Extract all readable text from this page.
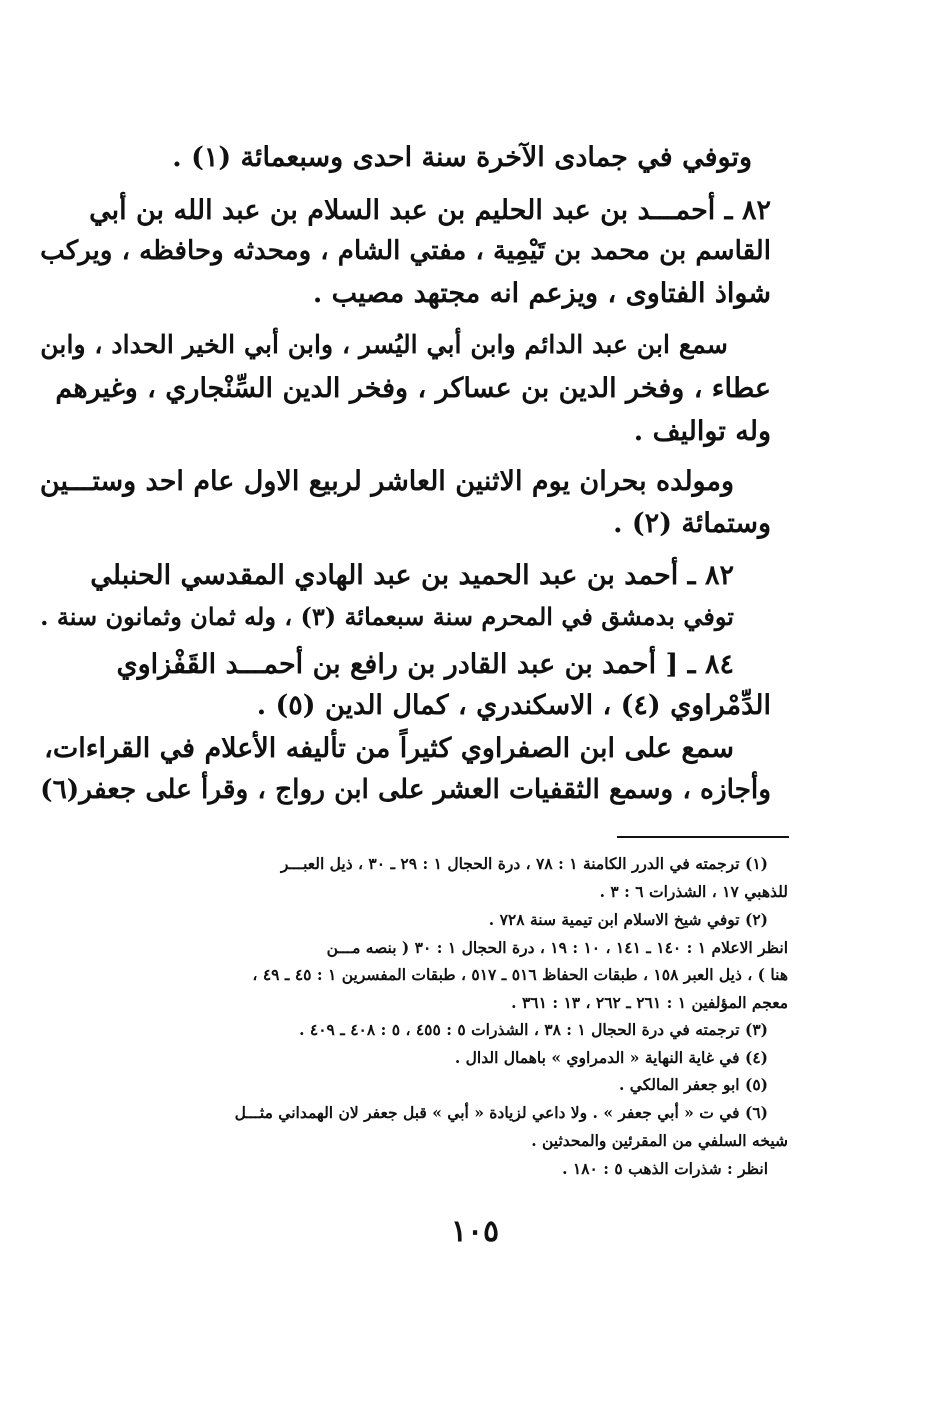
وتوفي في جمادى الآخرة سنة احدى وسبعمائة (١) .
٨٢ ـ أحمـــد بن عبد الحليم بن عبد السلام بن عبد الله بن أبي
القاسم بن محمد بن تَيْمِية ، مفتي الشام ، ومحدثه وحافظه ، ويركب
شواذ الفتاوى ، ويزعم انه مجتهد مصيب .
سمع ابن عبد الدائم وابن أبي اليُسر ، وابن أبي الخير الحداد ، وابن
عطاء ، وفخر الدين بن عساكر ، وفخر الدين السِّنْجاري ، وغيرهم
وله تواليف .
ومولده بحران يوم الاثنين العاشر لربيع الاول عام احد وستـــين
وستمائة (٢) .
٨٢ ـ أحمد بن عبد الحميد بن عبد الهادي المقدسي الحنبلي
توفي بدمشق في المحرم سنة سبعمائة (٣) ، وله ثمان وثمانون سنة .
٨٤ ـ [ أحمد بن عبد القادر بن رافع بن أحمـــد القَفْزاوي
الدِّمْراوي (٤) ، الاسكندري ، كمال الدين (٥) .
سمع على ابن الصفراوي كثيراً من تأليفه الأعلام في القراءات،
وأجازه ، وسمع الثقفيات العشر على ابن رواج ، وقرأ على جعفر(٦)
(١) ترجمته في الدرر الكامنة ١ : ٧٨ ، درة الحجال ١ : ٢٩ ـ ٣٠ ، ذيل العبـــر
للذهبي ١٧ ، الشذرات ٦ : ٣ .
(٢) توفي شيخ الاسلام ابن تيمية سنة ٧٢٨ .
انظر الاعلام ١ : ١٤٠ ـ ١٤١ ، ١٠ : ١٩ ، درة الحجال ١ : ٣٠ ( بنصه مـــن
هنا ) ، ذيل العبر ١٥٨ ، طبقات الحفاظ ٥١٦ ـ ٥١٧ ، طبقات المفسرين ١ : ٤٥ ـ ٤٩ ،
معجم المؤلفين ١ : ٢٦١ ـ ٢٦٢ ، ١٣ : ٣٦١ .
(٣) ترجمته في درة الحجال ١ : ٣٨ ، الشذرات ٥ : ٤٥٥ ، ٥ : ٤٠٨ ـ ٤٠٩ .
(٤) في غاية النهاية « الدمراوي » باهمال الدال .
(٥) ابو جعفر المالكي .
(٦) في ت « أبي جعفر » . ولا داعي لزيادة « أبي » قبل جعفر لان الهمداني مثـــل
شيخه السلفي من المقرئين والمحدثين .
انظر : شذرات الذهب ٥ : ١٨٠ .
١٠٥
